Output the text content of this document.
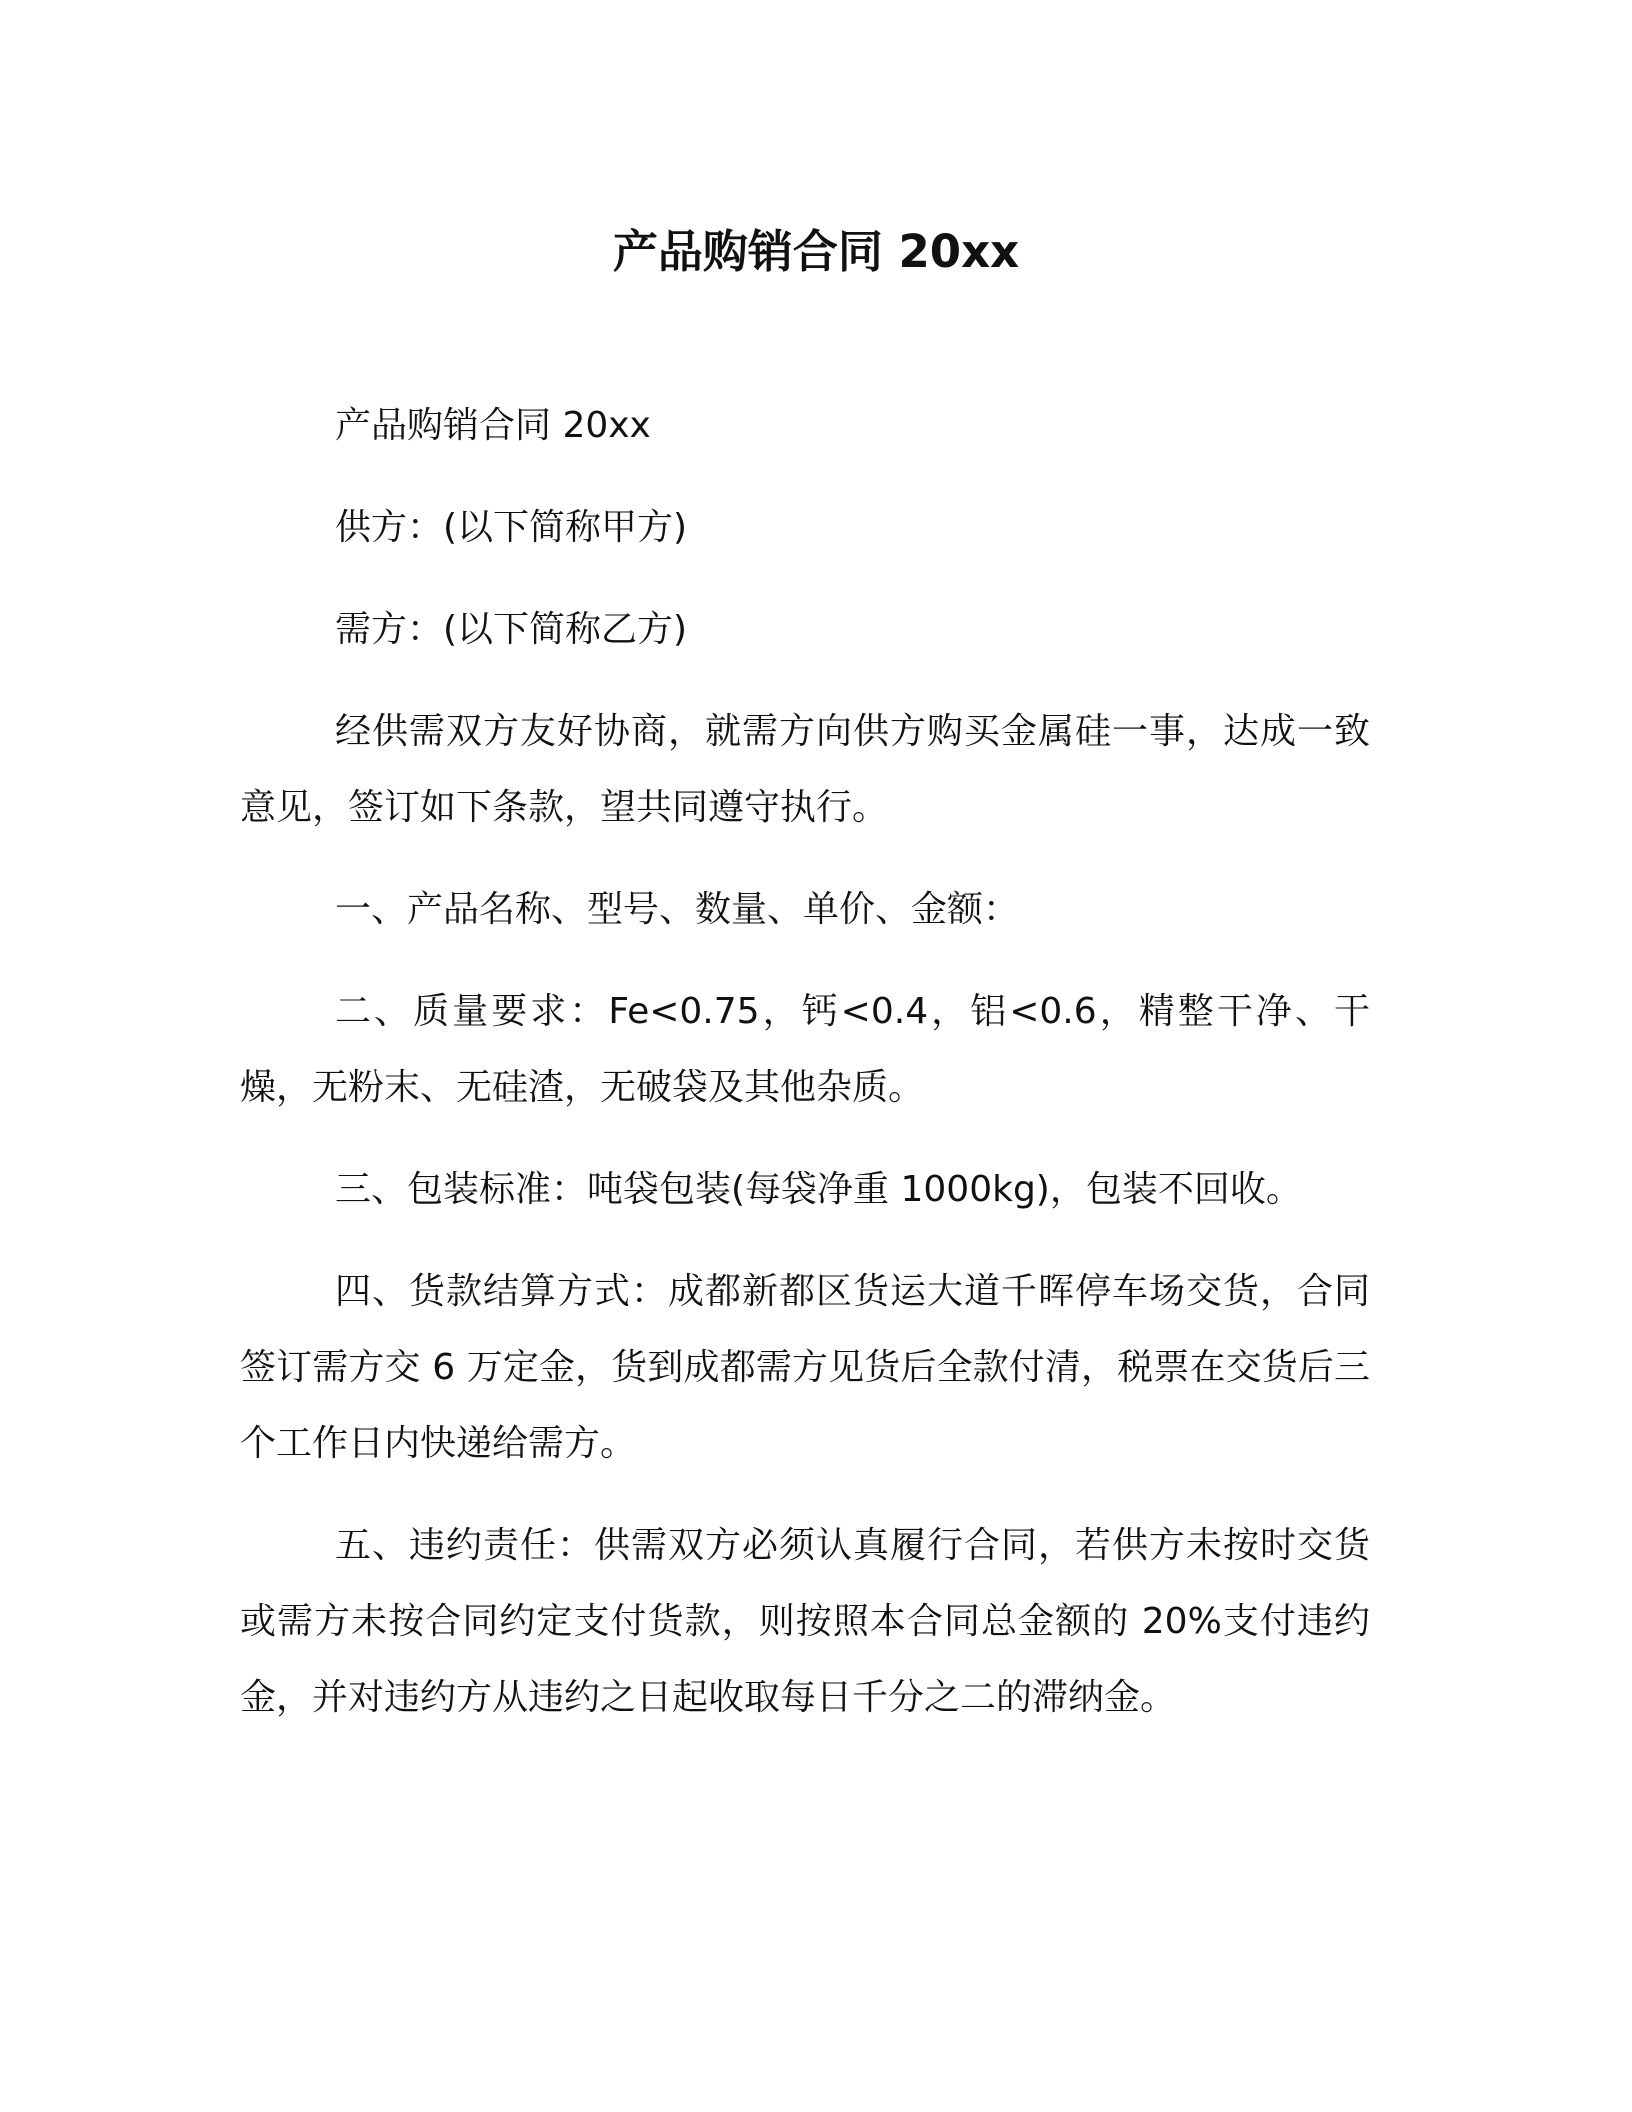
产品购销合同 20xx

产品购销合同 20xx

供方：(以下简称甲方)

需方：(以下简称乙方)

经供需双方友好协商，就需方向供方购买金属硅一事，达成一致意见，签订如下条款，望共同遵守执行。

一、产品名称、型号、数量、单价、金额：

二、质量要求：Fe<0.75，钙<0.4，铝<0.6，精整干净、干燥，无粉末、无硅渣，无破袋及其他杂质。

三、包装标准：吨袋包装(每袋净重 1000kg)，包装不回收。

四、货款结算方式：成都新都区货运大道千晖停车场交货，合同签订需方交 6 万定金，货到成都需方见货后全款付清，税票在交货后三个工作日内快递给需方。

五、违约责任：供需双方必须认真履行合同，若供方未按时交货或需方未按合同约定支付货款，则按照本合同总金额的 20%支付违约金，并对违约方从违约之日起收取每日千分之二的滞纳金。
